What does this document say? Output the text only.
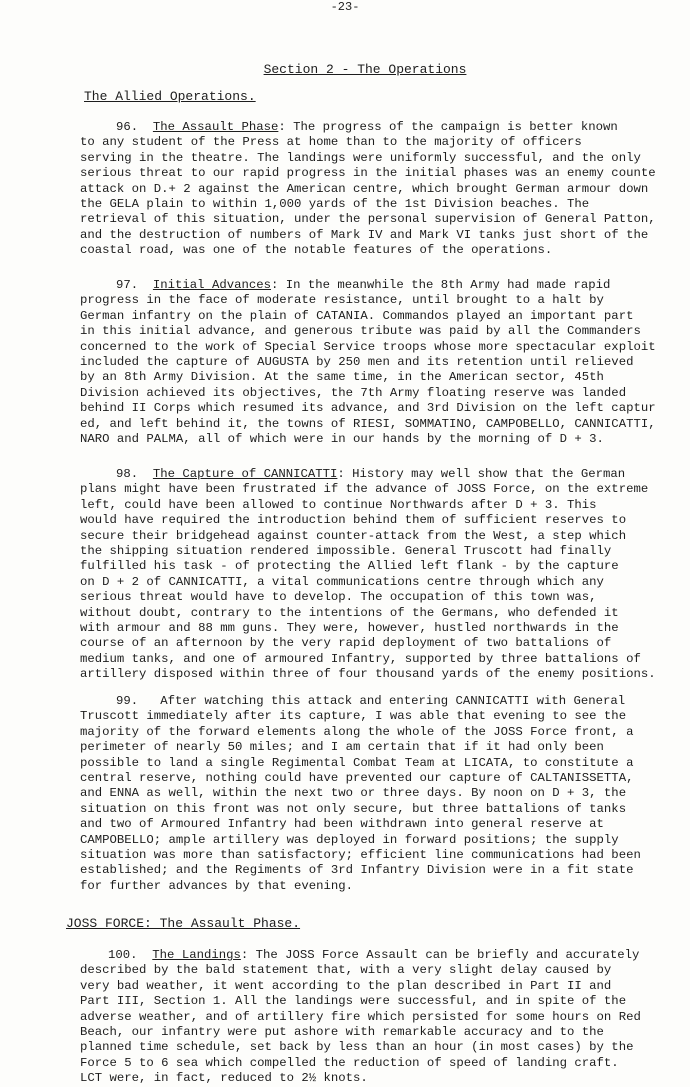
-23-
Section 2 - The Operations
The Allied Operations.
96. The Assault Phase: The progress of the campaign is better known
to any student of the Press at home than to the majority of officers
serving in the theatre. The landings were uniformly successful, and the only
serious threat to our rapid progress in the initial phases was an enemy counte
attack on D.+ 2 against the American centre, which brought German armour down
the GELA plain to within 1,000 yards of the 1st Division beaches. The
retrieval of this situation, under the personal supervision of General Patton,
and the destruction of numbers of Mark IV and Mark VI tanks just short of the
coastal road, was one of the notable features of the operations.
97. Initial Advances: In the meanwhile the 8th Army had made rapid
progress in the face of moderate resistance, until brought to a halt by
German infantry on the plain of CATANIA. Commandos played an important part
in this initial advance, and generous tribute was paid by all the Commanders
concerned to the work of Special Service troops whose more spectacular exploit
included the capture of AUGUSTA by 250 men and its retention until relieved
by an 8th Army Division. At the same time, in the American sector, 45th
Division achieved its objectives, the 7th Army floating reserve was landed
behind II Corps which resumed its advance, and 3rd Division on the left captur
ed, and left behind it, the towns of RIESI, SOMMATINO, CAMPOBELLO, CANNICATTI,
NARO and PALMA, all of which were in our hands by the morning of D + 3.
98. The Capture of CANNICATTI: History may well show that the German
plans might have been frustrated if the advance of JOSS Force, on the extreme
left, could have been allowed to continue Northwards after D + 3. This
would have required the introduction behind them of sufficient reserves to
secure their bridgehead against counter-attack from the West, a step which
the shipping situation rendered impossible. General Truscott had finally
fulfilled his task - of protecting the Allied left flank - by the capture
on D + 2 of CANNICATTI, a vital communications centre through which any
serious threat would have to develop. The occupation of this town was,
without doubt, contrary to the intentions of the Germans, who defended it
with armour and 88 mm guns. They were, however, hustled northwards in the
course of an afternoon by the very rapid deployment of two battalions of
medium tanks, and one of armoured Infantry, supported by three battalions of
artillery disposed within three of four thousand yards of the enemy positions.
99. After watching this attack and entering CANNICATTI with General
Truscott immediately after its capture, I was able that evening to see the
majority of the forward elements along the whole of the JOSS Force front, a
perimeter of nearly 50 miles; and I am certain that if it had only been
possible to land a single Regimental Combat Team at LICATA, to constitute a
central reserve, nothing could have prevented our capture of CALTANISSETTA,
and ENNA as well, within the next two or three days. By noon on D + 3, the
situation on this front was not only secure, but three battalions of tanks
and two of Armoured Infantry had been withdrawn into general reserve at
CAMPOBELLO; ample artillery was deployed in forward positions; the supply
situation was more than satisfactory; efficient line communications had been
established; and the Regiments of 3rd Infantry Division were in a fit state
for further advances by that evening.
JOSS FORCE: The Assault Phase.
100. The Landings: The JOSS Force Assault can be briefly and accurately
described by the bald statement that, with a very slight delay caused by
very bad weather, it went according to the plan described in Part II and
Part III, Section 1. All the landings were successful, and in spite of the
adverse weather, and of artillery fire which persisted for some hours on Red
Beach, our infantry were put ashore with remarkable accuracy and to the
planned time schedule, set back by less than an hour (in most cases) by the
Force 5 to 6 sea which compelled the reduction of speed of landing craft.
LCT were, in fact, reduced to 2½ knots.
